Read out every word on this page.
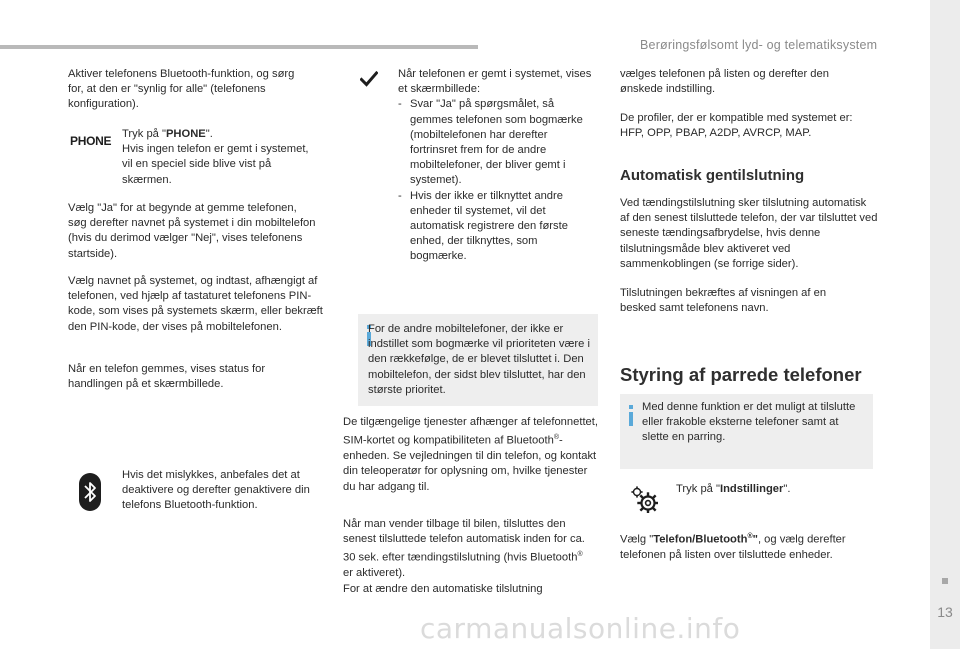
Berøringsfølsomt lyd- og telematiksystem
13
Aktiver telefonens Bluetooth-funktion, og sørg for, at den er "synlig for alle" (telefonens konfiguration).
PHONE Tryk på "PHONE".
Hvis ingen telefon er gemt i systemet, vil en speciel side blive vist på skærmen.
Vælg "Ja" for at begynde at gemme telefonen, søg derefter navnet på systemet i din mobiltelefon (hvis du derimod vælger "Nej", vises telefonens startside).
Vælg navnet på systemet, og indtast, afhængigt af telefonen, ved hjælp af tastaturet telefonens PIN-kode, som vises på systemets skærm, eller bekræft den PIN-kode, der vises på mobiltelefonen.
Når en telefon gemmes, vises status for handlingen på et skærmbillede.
Hvis det mislykkes, anbefales det at deaktivere og derefter genaktivere din telefons Bluetooth-funktion.
Når telefonen er gemt i systemet, vises et skærmbillede:
- Svar "Ja" på spørgsmålet, så gemmes telefonen som bogmærke (mobiltelefonen har derefter fortrinsret frem for de andre mobiltelefoner, der bliver gemt i systemet).
- Hvis der ikke er tilknyttet andre enheder til systemet, vil det automatisk registrere den første enhed, der tilknyttes, som bogmærke.
For de andre mobiltelefoner, der ikke er indstillet som bogmærke vil prioriteten være i den rækkefølge, de er blevet tilsluttet i. Den mobiltelefon, der sidst blev tilsluttet, har den største prioritet.
De tilgængelige tjenester afhænger af telefonnettet, SIM-kortet og kompatibiliteten af Bluetooth®-enheden. Se vejledningen til din telefon, og kontakt din teleoperatør for oplysning om, hvilke tjenester du har adgang til.
Når man vender tilbage til bilen, tilsluttes den senest tilsluttede telefon automatisk inden for ca. 30 sek. efter tændingstilslutning (hvis Bluetooth® er aktiveret).
For at ændre den automatiske tilslutning
vælges telefonen på listen og derefter den ønskede indstilling.
De profiler, der er kompatible med systemet er: HFP, OPP, PBAP, A2DP, AVRCP, MAP.
Automatisk gentilslutning
Ved tændingstilslutning sker tilslutning automatisk af den senest tilsluttede telefon, der var tilsluttet ved seneste tændingsafbrydelse, hvis denne tilslutningsmåde blev aktiveret ved sammenkoblingen (se forrige sider).
Tilslutningen bekræftes af visningen af en besked samt telefonens navn.
Styring af parrede telefoner
Med denne funktion er det muligt at tilslutte eller frakoble eksterne telefoner samt at slette en parring.
Tryk på "Indstillinger".
Vælg "Telefon/Bluetooth®", og vælg derefter telefonen på listen over tilsluttede enheder.
carmanualsonline.info
